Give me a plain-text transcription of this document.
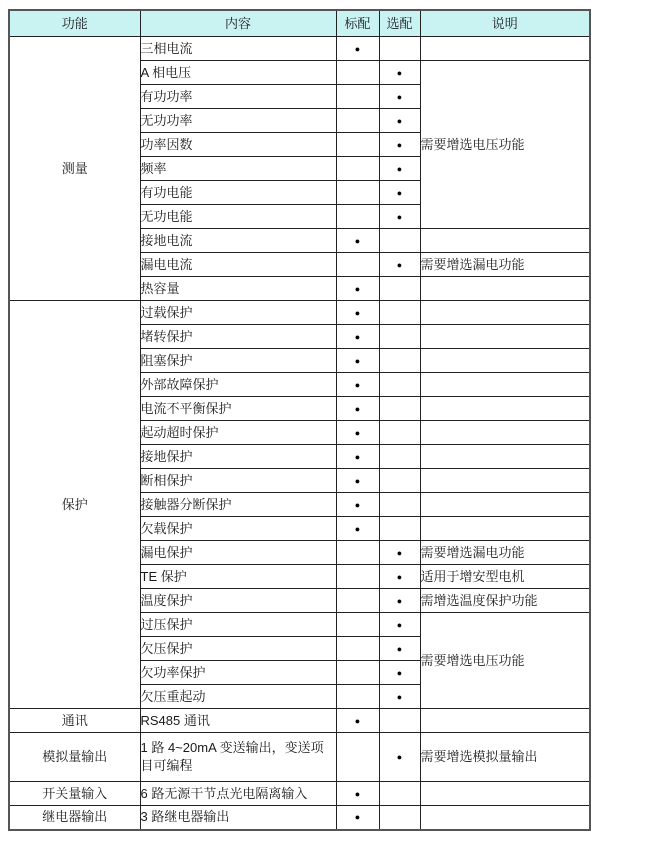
功能	内容	标配	选配	说明
测量	三相电流	●		
	A 相电压		●	需要增选电压功能
	有功功率		●	
	无功功率		●	
	功率因数		●	
	频率		●	
	有功电能		●	
	无功电能		●	
	接地电流	●		
	漏电电流		●	需要增选漏电功能
	热容量	●		
保护	过载保护	●		
	堵转保护	●		
	阻塞保护	●		
	外部故障保护	●		
	电流不平衡保护	●		
	起动超时保护	●		
	接地保护	●		
	断相保护	●		
	接触器分断保护	●		
	欠载保护	●		
	漏电保护		●	需要增选漏电功能
	TE 保护		●	适用于增安型电机
	温度保护		●	需增选温度保护功能
	过压保护		●	需要增选电压功能
	欠压保护		●	
	欠功率保护		●	
	欠压重起动		●	
通讯	RS485 通讯	●		
模拟量输出	1 路 4~20mA 变送输出，变送项目可编程		●	需要增选模拟量输出
开关量输入	6 路无源干节点光电隔离输入	●		
继电器输出	3 路继电器输出	●		
